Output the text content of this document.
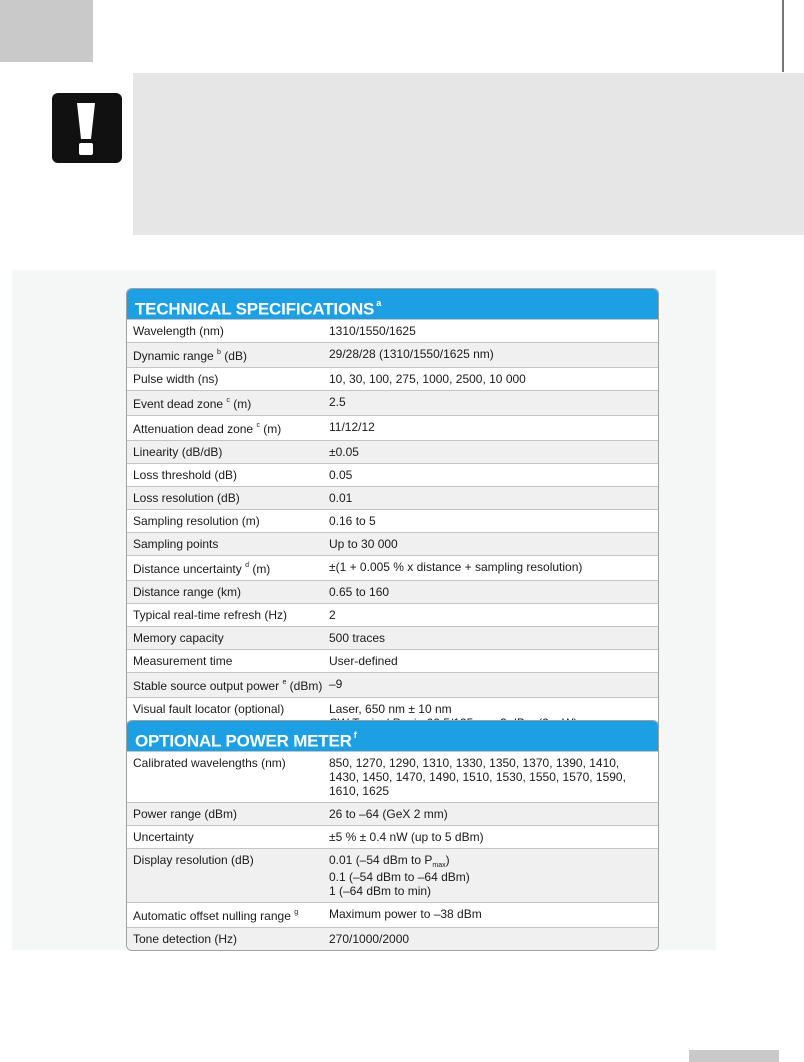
TECHNICAL SPECIFICATIONS $^a$
Wavelength (nm)	1310/1550/1625
Dynamic range $^b$ (dB)	29/28/28 (1310/1550/1625 nm)
Pulse width (ns)	10, 30, 100, 275, 1000, 2500, 10 000
Event dead zone $^c$ (m)	2.5
Attenuation dead zone $^c$ (m)	11/12/12
Linearity (dB/dB)	±0.05
Loss threshold (dB)	0.05
Loss resolution (dB)	0.01
Sampling resolution (m)	0.16 to 5
Sampling points	Up to 30 000
Distance uncertainty $^d$ (m)	±(1 + 0.005 % x distance + sampling resolution)
Distance range (km)	0.65 to 160
Typical real-time refresh (Hz)	2
Memory capacity	500 traces
Measurement time	User-defined
Stable source output power $^e$ (dBm) –9
Visual fault locator (optional)	Laser, 650 nm ± 10 nm
OPTIONAL POWER METER $^f$
Calibrated wavelengths (nm)	850, 1270, 1290, 1310, 1330, 1350, 1370, 1390, 1410, 1430, 1450, 1470, 1490, 1510, 1530, 1550, 1570, 1590, 1610, 1625
Power range (dBm)	26 to –64 (GeX 2 mm)
Uncertainty	±5 % ± 0.4 nW (up to 5 dBm)
Display resolution (dB)	0.01 (–54 dBm to $P_{max}$)
0.1 (–54 dBm to –64 dBm)
1 (–64 dBm to min)
Automatic offset nulling range $^g$	Maximum power to –38 dBm
Tone detection (Hz)	270/1000/2000
